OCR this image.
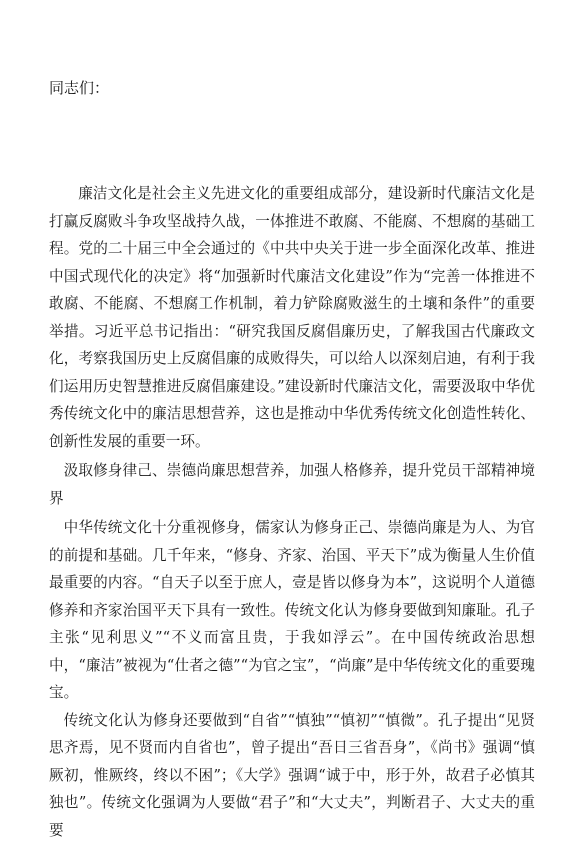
同志们：

廉洁文化是社会主义先进文化的重要组成部分，建设新时代廉洁文化是打赢反腐败斗争攻坚战持久战，一体推进不敢腐、不能腐、不想腐的基础工程。党的二十届三中全会通过的《中共中央关于进一步全面深化改革、推进中国式现代化的决定》将“加强新时代廉洁文化建设”作为“完善一体推进不敢腐、不能腐、不想腐工作机制，着力铲除腐败滋生的土壤和条件”的重要举措。习近平总书记指出：“研究我国反腐倡廉历史，了解我国古代廉政文化，考察我国历史上反腐倡廉的成败得失，可以给人以深刻启迪，有利于我们运用历史智慧推进反腐倡廉建设。”建设新时代廉洁文化，需要汲取中华优秀传统文化中的廉洁思想营养，这也是推动中华优秀传统文化创造性转化、创新性发展的重要一环。

汲取修身律己、崇德尚廉思想营养，加强人格修养，提升党员干部精神境界

中华传统文化十分重视修身，儒家认为修身正己、崇德尚廉是为人、为官的前提和基础。几千年来，“修身、齐家、治国、平天下”成为衡量人生价值最重要的内容。“自天子以至于庶人，壹是皆以修身为本”，这说明个人道德修养和齐家治国平天下具有一致性。传统文化认为修身要做到知廉耻。孔子主张“见利思义”“不义而富且贵，于我如浮云”。在中国传统政治思想中，“廉洁”被视为“仕者之德”“为官之宝”，“尚廉”是中华传统文化的重要瑰宝。

传统文化认为修身还要做到“自省”“慎独”“慎初”“慎微”。孔子提出“见贤思齐焉，见不贤而内自省也”，曾子提出“吾日三省吾身”，《尚书》强调“慎厥初，惟厥终，终以不困”；《大学》强调“诚于中，形于外，故君子必慎其独也”。传统文化强调为人要做“君子”和“大丈夫”，判断君子、大丈夫的重要
